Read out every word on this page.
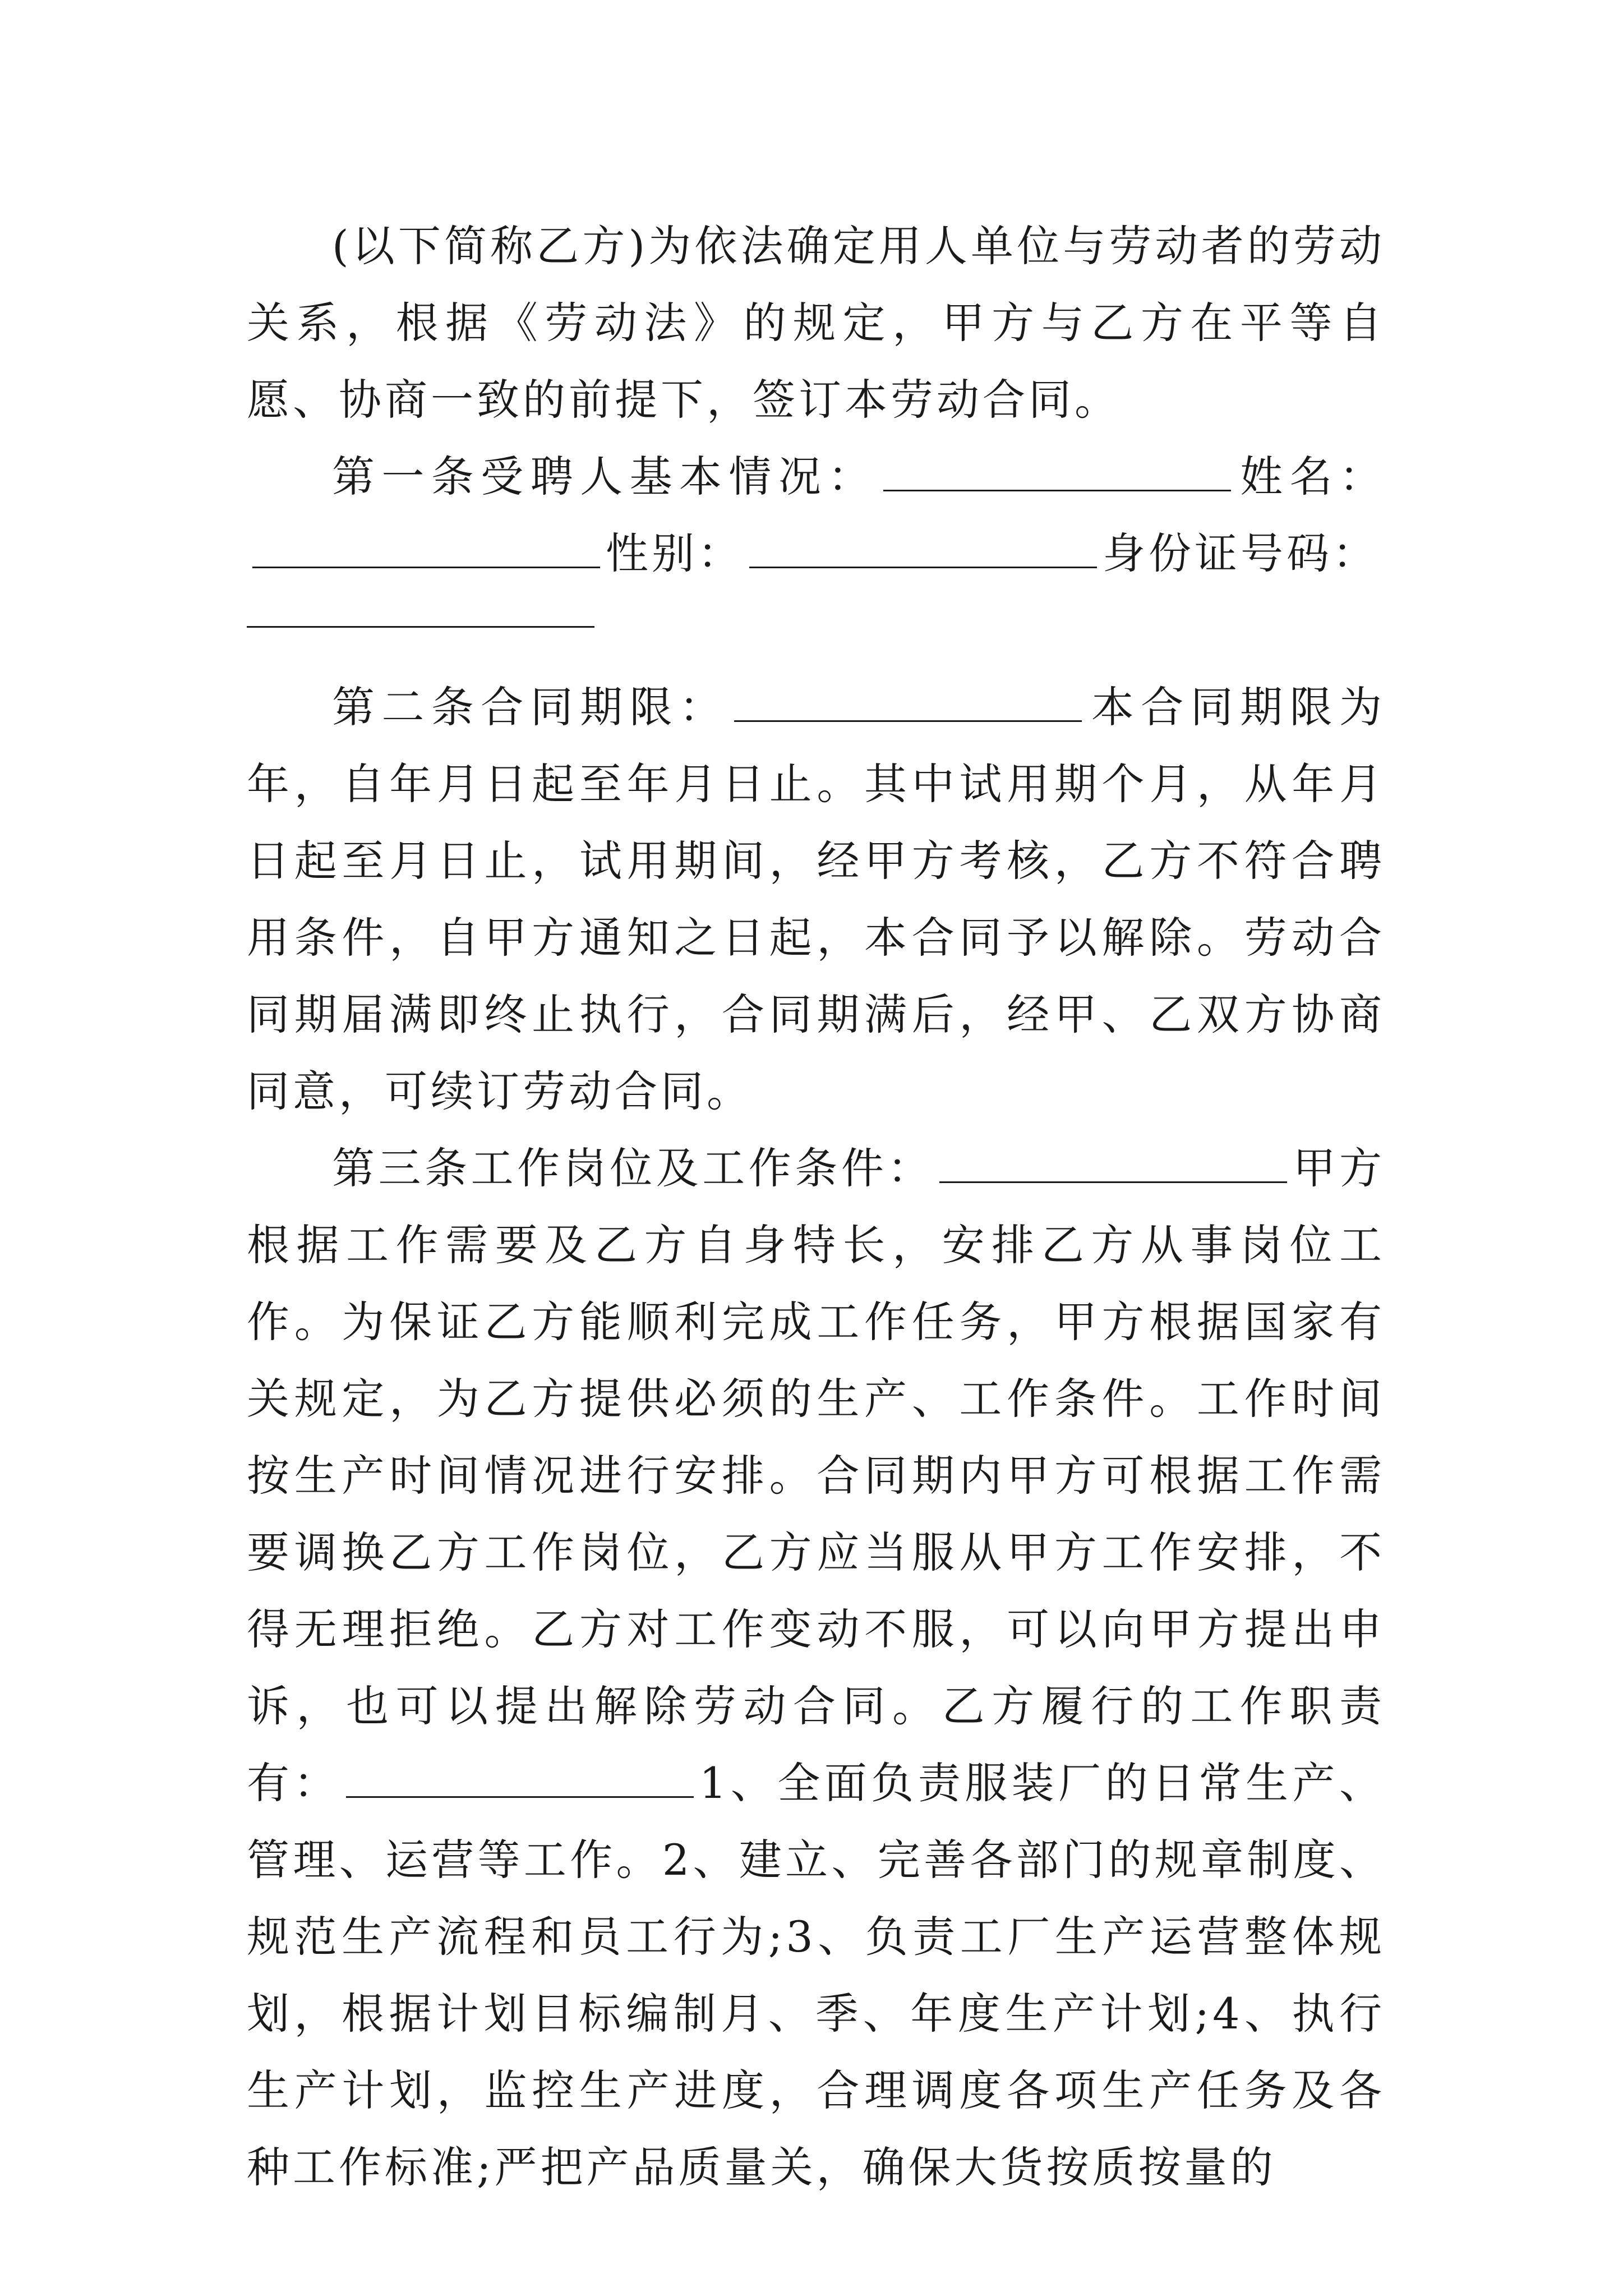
(以下简称乙方)为依法确定用人单位与劳动者的劳动关系，根据《劳动法》的规定，甲方与乙方在平等自愿、协商一致的前提下，签订本劳动合同。

第一条受聘人基本情况：	姓名：性别：	身份证号码：

第二条合同期限：	本合同期限为年，自年月日起至年月日止。其中试用期个月，从年月日起至月日止，试用期间，经甲方考核，乙方不符合聘用条件，自甲方通知之日起，本合同予以解除。劳动合同期届满即终止执行，合同期满后，经甲、乙双方协商同意，可续订劳动合同。

第三条工作岗位及工作条件：	甲方根据工作需要及乙方自身特长，安排乙方从事岗位工作。为保证乙方能顺利完成工作任务，甲方根据国家有关规定，为乙方提供必须的生产、工作条件。工作时间按生产时间情况进行安排。合同期内甲方可根据工作需要调换乙方工作岗位，乙方应当服从甲方工作安排，不得无理拒绝。乙方对工作变动不服，可以向甲方提出申诉，也可以提出解除劳动合同。乙方履行的工作职责有：	1、全面负责服装厂的日常生产、管理、运营等工作。2、建立、完善各部门的规章制度、规范生产流程和员工行为;3、负责工厂生产运营整体规划，根据计划目标编制月、季、年度生产计划;4、执行生产计划，监控生产进度，合理调度各项生产任务及各种工作标准;严把产品质量关，确保大货按质按量的
